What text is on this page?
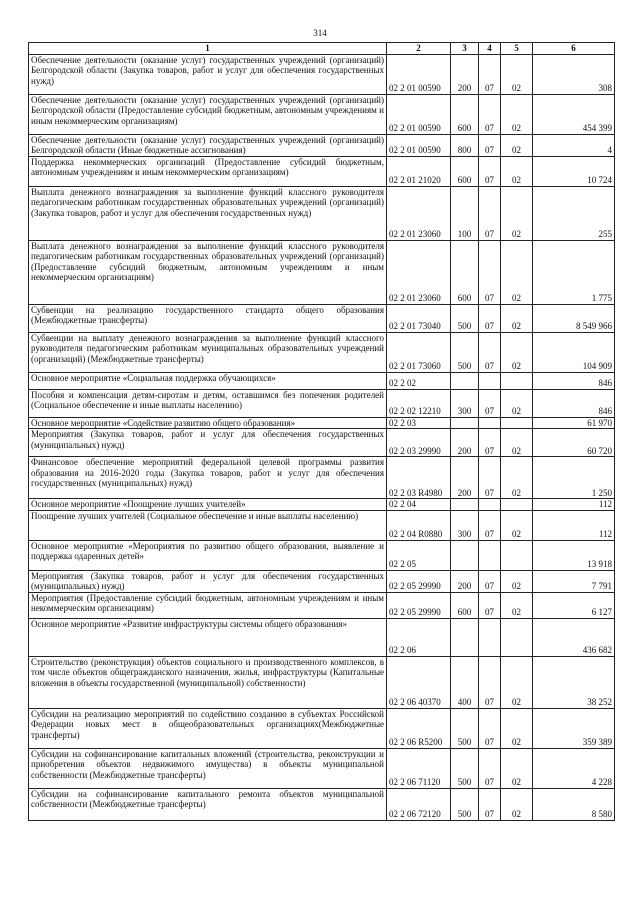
314
1	2	3	4	5	6
Обеспечение деятельности (оказание услуг) государственных учреждений (организаций) Белгородской области (Закупка товаров, работ и услуг для обеспечения государственных нужд)	02 2 01 00590	200	07	02	308
Обеспечение деятельности (оказание услуг) государственных учреждений (организаций) Белгородской области (Предоставление субсидий бюджетным, автономным учреждениям и иным некоммерческим организациям)	02 2 01 00590	600	07	02	454 399
Обеспечение деятельности (оказание услуг) государственных учреждений (организаций) Белгородской области (Иные бюджетные ассигнования)	02 2 01 00590	800	07	02	4
Поддержка некоммерческих организаций (Предоставление субсидий бюджетным, автономным учреждениям и иным некоммерческим организациям)	02 2 01 21020	600	07	02	10 724
Выплата денежного вознаграждения за выполнение функций классного руководителя педагогическим работникам государственных образовательных учреждений (организаций) (Закупка товаров, работ и услуг для обеспечения государственных нужд)	02 2 01 23060	100	07	02	255
Выплата денежного вознаграждения за выполнение функций классного руководителя педагогическим работникам государственных образовательных учреждений (организаций) (Предоставление субсидий бюджетным, автономным учреждениям и иным некоммерческим организациям)	02 2 01 23060	600	07	02	1 775
Субвенции на реализацию государственного стандарта общего образования (Межбюджетные трансферты)	02 2 01 73040	500	07	02	8 549 966
Субвенции на выплату денежного вознаграждения за выполнение функций классного руководителя педагогическим работникам муниципальных образовательных учреждений (организаций) (Межбюджетные трансферты)	02 2 01 73060	500	07	02	104 909
Основное мероприятие «Социальная поддержка обучающихся»	02 2 02				846
Пособия и компенсация детям-сиротам и детям, оставшимся без попечения родителей (Социальное обеспечение и иные выплаты населению)	02 2 02 12210	300	07	02	846
Основное мероприятие «Содействие развитию общего образования»	02 2 03				61 970
Мероприятия (Закупка товаров, работ и услуг для обеспечения государственных (муниципальных) нужд)	02 2 03 29990	200	07	02	60 720
Финансовое обеспечение мероприятий федеральной целевой программы развития образования на 2016-2020 годы (Закупка товаров, работ и услуг для обеспечения государственных (муниципальных) нужд)	02 2 03 R4980	200	07	02	1 250
Основное мероприятие «Поощрение лучших учителей»	02 2 04				112
Поощрение лучших учителей (Социальное обеспечение и иные выплаты населению)	02 2 04 R0880	300	07	02	112
Основное мероприятие «Мероприятия по развитию общего образования, выявление и поддержка одаренных детей»	02 2 05				13 918
Мероприятия (Закупка товаров, работ и услуг для обеспечения государственных (муниципальных) нужд)	02 2 05 29990	200	07	02	7 791
Мероприятия (Предоставление субсидий бюджетным, автономным учреждениям и иным некоммерческим организациям)	02 2 05 29990	600	07	02	6 127
Основное мероприятие «Развитие инфраструктуры системы общего образования»	02 2 06				436 682
Строительство (реконструкция) объектов социального и производственного комплексов, в том числе объектов общегражданского назначения, жилья, инфраструктуры (Капитальные вложения в объекты государственной (муниципальной) собственности)	02 2 06 40370	400	07	02	38 252
Субсидии на реализацию мероприятий по содействию созданию в субъектах Российской Федерации новых мест в общеобразовательных организациях(Межбюджетные трансферты)	02 2 06 R5200	500	07	02	359 389
Субсидии на софинансирование капитальных вложений (строительства, реконструкции и приобретения объектов недвижимого имущества) в объекты муниципальной собственности (Межбюджетные трансферты)	02 2 06 71120	500	07	02	4 228
Субсидии на софинансирование капитального ремонта объектов муниципальной собственности (Межбюджетные трансферты)	02 2 06 72120	500	07	02	8 580
